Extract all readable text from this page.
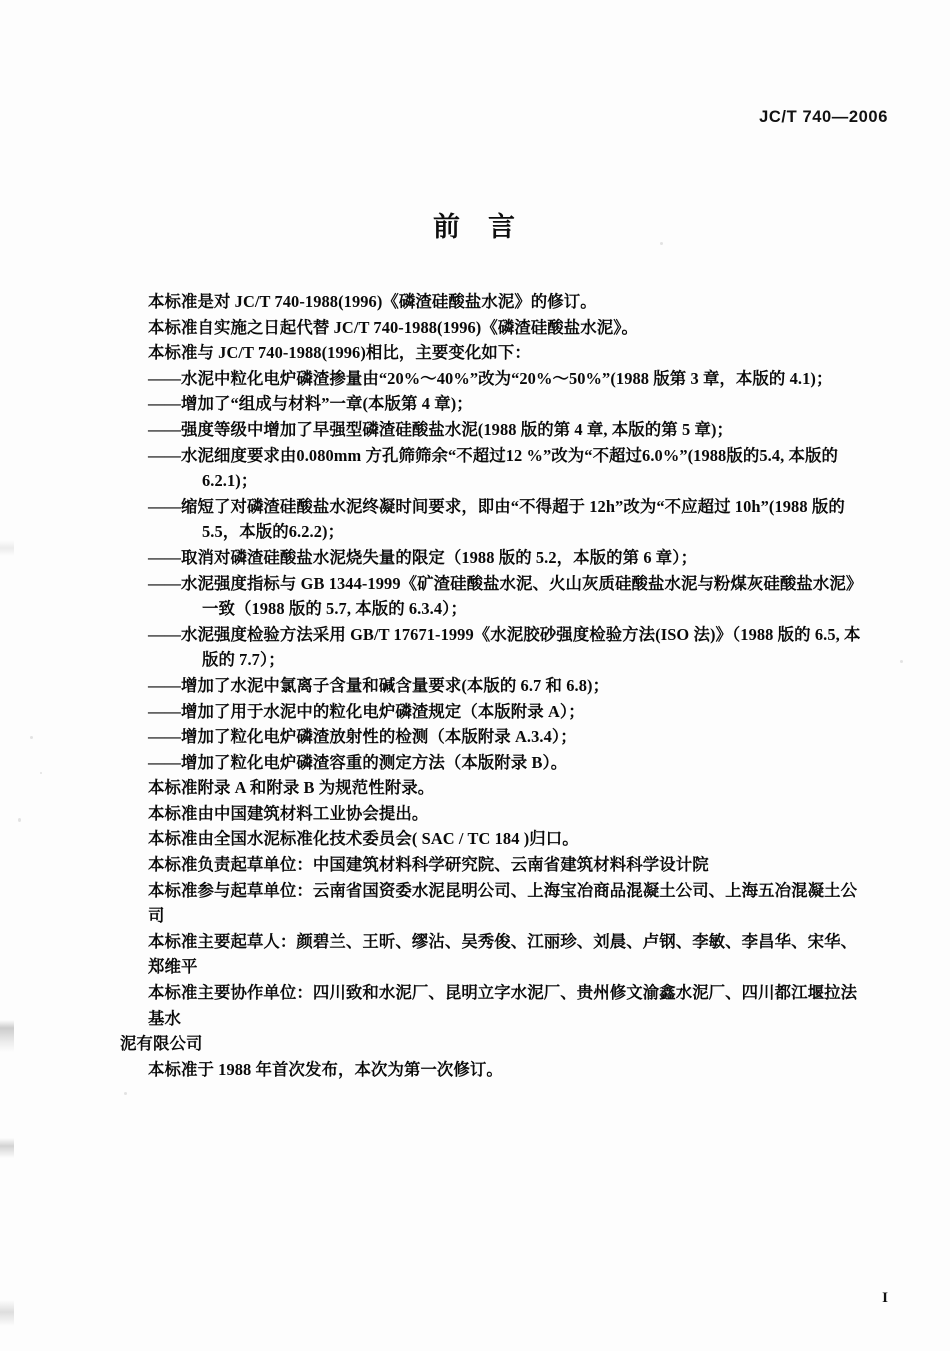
JC/T 740—2006
前 言

本标准是对 JC/T 740-1988(1996)《磷渣硅酸盐水泥》的修订。

本标准自实施之日起代替 JC/T 740-1988(1996)《磷渣硅酸盐水泥》。

本标准与 JC/T 740-1988(1996)相比，主要变化如下：

——水泥中粒化电炉磷渣掺量由“20%～40%”改为“20%～50%”(1988 版第 3 章，本版的 4.1)；

——增加了“组成与材料”一章(本版第 4 章)；

——强度等级中增加了早强型磷渣硅酸盐水泥(1988 版的第 4 章, 本版的第 5 章)；

——水泥细度要求由0.080mm 方孔筛筛余“不超过12 %”改为“不超过6.0%”(1988版的5.4, 本版的6.2.1)；

——缩短了对磷渣硅酸盐水泥终凝时间要求，即由“不得超于 12h”改为“不应超过 10h”(1988 版的5.5，本版的6.2.2)；

——取消对磷渣硅酸盐水泥烧失量的限定（1988 版的 5.2，本版的第 6 章）；

——水泥强度指标与 GB 1344-1999《矿渣硅酸盐水泥、火山灰质硅酸盐水泥与粉煤灰硅酸盐水泥》一致（1988 版的 5.7, 本版的 6.3.4）；

——水泥强度检验方法采用 GB/T 17671-1999《水泥胶砂强度检验方法(ISO 法)》（1988 版的 6.5, 本版的 7.7）；

——增加了水泥中氯离子含量和碱含量要求(本版的 6.7 和 6.8)；

——增加了用于水泥中的粒化电炉磷渣规定（本版附录 A）；

——增加了粒化电炉磷渣放射性的检测（本版附录 A.3.4）；

——增加了粒化电炉磷渣容重的测定方法（本版附录 B）。

本标准附录 A 和附录 B 为规范性附录。

本标准由中国建筑材料工业协会提出。

本标准由全国水泥标准化技术委员会( SAC / TC 184 )归口。

本标准负责起草单位：中国建筑材料科学研究院、云南省建筑材料科学设计院

本标准参与起草单位：云南省国资委水泥昆明公司、上海宝冶商品混凝土公司、上海五冶混凝土公司

本标准主要起草人：颜碧兰、王昕、缪沾、吴秀俊、江丽珍、刘晨、卢钢、李敏、李昌华、宋华、郑维平

本标准主要协作单位：四川致和水泥厂、昆明立字水泥厂、贵州修文渝鑫水泥厂、四川都江堰拉法基水

泥有限公司

本标准于 1988 年首次发布，本次为第一次修订。

I
